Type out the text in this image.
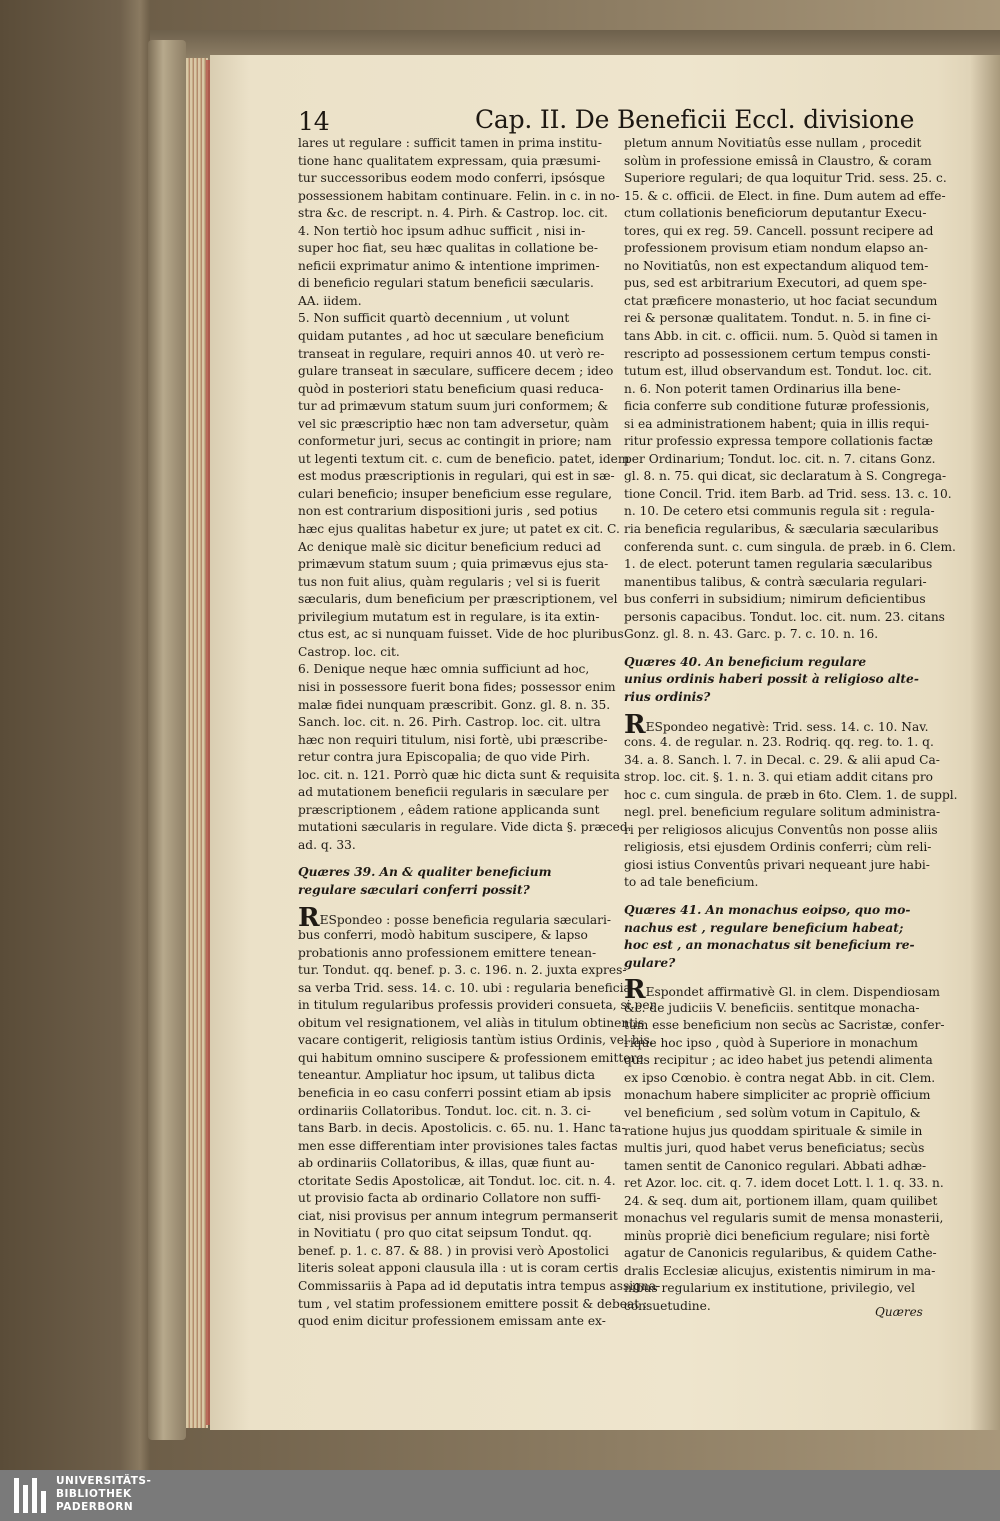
14	Cap. II. De Beneficii Eccl. divisione
lares ut regulare : sufficit tamen in prima institu-
tione hanc qualitatem expressam, quia præsumi-
tur successoribus eodem modo conferri, ipsósque
possessionem habitam continuare. Felin. in c. in no-
stra &c. de rescript. n. 4. Pirh. & Castrop. loc. cit.
4. Non tertiò hoc ipsum adhuc sufficit , nisi in-
super hoc fiat, seu hæc qualitas in collatione be-
neficii exprimatur animo & intentione imprimen-
di beneficio regulari statum beneficii sæcularis.
AA. iidem.
5. Non sufficit quartò decennium , ut volunt
quidam putantes , ad hoc ut sæculare beneficium
transeat in regulare, requiri annos 40. ut verò re-
gulare transeat in sæculare, sufficere decem ; ideo
quòd in posteriori statu beneficium quasi reduca-
tur ad primævum statum suum juri conformem; &
vel sic præscriptio hæc non tam adversetur, quàm
conformetur juri, secus ac contingit in priore; nam
ut legenti textum cit. c. cum de beneficio. patet, idem
est modus præscriptionis in regulari, qui est in sæ-
culari beneficio; insuper beneficium esse regulare,
non est contrarium dispositioni juris , sed potius
hæc ejus qualitas habetur ex jure; ut patet ex cit. C.
Ac denique malè sic dicitur beneficium reduci ad
primævum statum suum ; quia primævus ejus sta-
tus non fuit alius, quàm regularis ; vel si is fuerit
sæcularis, dum beneficium per præscriptionem, vel
privilegium mutatum est in regulare, is ita extin-
ctus est, ac si nunquam fuisset. Vide de hoc pluribus
Castrop. loc. cit.
6. Denique neque hæc omnia sufficiunt ad hoc,
nisi in possessore fuerit bona fides; possessor enim
malæ fidei nunquam præscribit. Gonz. gl. 8. n. 35.
Sanch. loc. cit. n. 26. Pirh. Castrop. loc. cit. ultra
hæc non requiri titulum, nisi fortè, ubi præscribe-
retur contra jura Episcopalia; de quo vide Pirh.
loc. cit. n. 121. Porrò quæ hic dicta sunt & requisita
ad mutationem beneficii regularis in sæculare per
præscriptionem , eâdem ratione applicanda sunt
mutationi sæcularis in regulare. Vide dicta §. præced.
ad. q. 33.
Quæres 39. An & qualiter beneficium
regulare sæculari conferri possit?
RESpondeo : posse beneficia regularia sæculari-
bus conferri, modò habitum suscipere, & lapso
probationis anno professionem emittere tenean-
tur. Tondut. qq. benef. p. 3. c. 196. n. 2. juxta expres-
sa verba Trid. sess. 14. c. 10. ubi : regularia beneficia
in titulum regularibus professis provideri consueta, si per
obitum vel resignationem, vel aliàs in titulum obtinentis
vacare contigerit, religiosis tantùm istius Ordinis, vel his,
qui habitum omnino suscipere & professionem emittere
teneantur. Ampliatur hoc ipsum, ut talibus dicta
beneficia in eo casu conferri possint etiam ab ipsis
ordinariis Collatoribus. Tondut. loc. cit. n. 3. ci-
tans Barb. in decis. Apostolicis. c. 65. nu. 1. Hanc ta-
men esse differentiam inter provisiones tales factas
ab ordinariis Collatoribus, & illas, quæ fiunt au-
ctoritate Sedis Apostolicæ, ait Tondut. loc. cit. n. 4.
ut provisio facta ab ordinario Collatore non suffi-
ciat, nisi provisus per annum integrum permanserit
in Novitiatu ( pro quo citat seipsum Tondut. qq.
benef. p. 1. c. 87. & 88. ) in provisi verò Apostolici
literis soleat apponi clausula illa : ut is coram certis
Commissariis à Papa ad id deputatis intra tempus assigna-
tum , vel statim professionem emittere possit & debeat :
quod enim dicitur professionem emissam ante ex-
pletum annum Novitiatûs esse nullam , procedit
solùm in professione emissâ in Claustro, & coram
Superiore regulari; de qua loquitur Trid. sess. 25. c.
15. & c. officii. de Elect. in fine. Dum autem ad effe-
ctum collationis beneficiorum deputantur Execu-
tores, qui ex reg. 59. Cancell. possunt recipere ad
professionem provisum etiam nondum elapso an-
no Novitiatûs, non est expectandum aliquod tem-
pus, sed est arbitrarium Executori, ad quem spe-
ctat præficere monasterio, ut hoc faciat secundum
rei & personæ qualitatem. Tondut. n. 5. in fine ci-
tans Abb. in cit. c. officii. num. 5. Quòd si tamen in
rescripto ad possessionem certum tempus consti-
tutum est, illud observandum est. Tondut. loc. cit.
n. 6. Non poterit tamen Ordinarius illa bene-
ficia conferre sub conditione futuræ professionis,
si ea administrationem habent; quia in illis requi-
ritur professio expressa tempore collationis factæ
per Ordinarium; Tondut. loc. cit. n. 7. citans Gonz.
gl. 8. n. 75. qui dicat, sic declaratum à S. Congrega-
tione Concil. Trid. item Barb. ad Trid. sess. 13. c. 10.
n. 10. De cetero etsi communis regula sit : regula-
ria beneficia regularibus, & sæcularia sæcularibus
conferenda sunt. c. cum singula. de præb. in 6. Clem.
1. de elect. poterunt tamen regularia sæcularibus
manentibus talibus, & contrà sæcularia regulari-
bus conferri in subsidium; nimirum deficientibus
personis capacibus. Tondut. loc. cit. num. 23. citans
Gonz. gl. 8. n. 43. Garc. p. 7. c. 10. n. 16.
Quæres 40. An beneficium regulare
unius ordinis haberi possit à religioso alte-
rius ordinis?
RESpondeo negativè: Trid. sess. 14. c. 10. Nav.
cons. 4. de regular. n. 23. Rodriq. qq. reg. to. 1. q.
34. a. 8. Sanch. l. 7. in Decal. c. 29. & alii apud Ca-
strop. loc. cit. §. 1. n. 3. qui etiam addit citans pro
hoc c. cum singula. de præb in 6to. Clem. 1. de suppl.
negl. prel. beneficium regulare solitum administra-
ri per religiosos alicujus Conventûs non posse aliis
religiosis, etsi ejusdem Ordinis conferri; cùm reli-
giosi istius Conventûs privari nequeant jure habi-
to ad tale beneficium.
Quæres 41. An monachus eoipso, quo mo-
nachus est , regulare beneficium habeat;
hoc est , an monachatus sit beneficium re-
gulare?
REspondet affirmativè Gl. in clem. Dispendiosam
&c. de judiciis V. beneficiis. sentitque monacha-
tum esse beneficium non secùs ac Sacristæ, confer-
rique hoc ipso , quòd à Superiore in monachum
quis recipitur ; ac ideo habet jus petendi alimenta
ex ipso Cœnobio. è contra negat Abb. in cit. Clem.
monachum habere simpliciter ac propriè officium
vel beneficium , sed solùm votum in Capitulo, &
ratione hujus jus quoddam spirituale & simile in
multis juri, quod habet verus beneficiatus; secùs
tamen sentit de Canonico regulari. Abbati adhæ-
ret Azor. loc. cit. q. 7. idem docet Lott. l. 1. q. 33. n.
24. & seq. dum ait, portionem illam, quam quilibet
monachus vel regularis sumit de mensa monasterii,
minùs propriè dici beneficium regulare; nisi fortè
agatur de Canonicis regularibus, & quidem Cathe-
dralis Ecclesiæ alicujus, existentis nimirum in ma-
nibus regularium ex institutione, privilegio, vel
consuetudine.	Quæres
UNIVERSITÄTS-
BIBLIOTHEK
PADERBORN
